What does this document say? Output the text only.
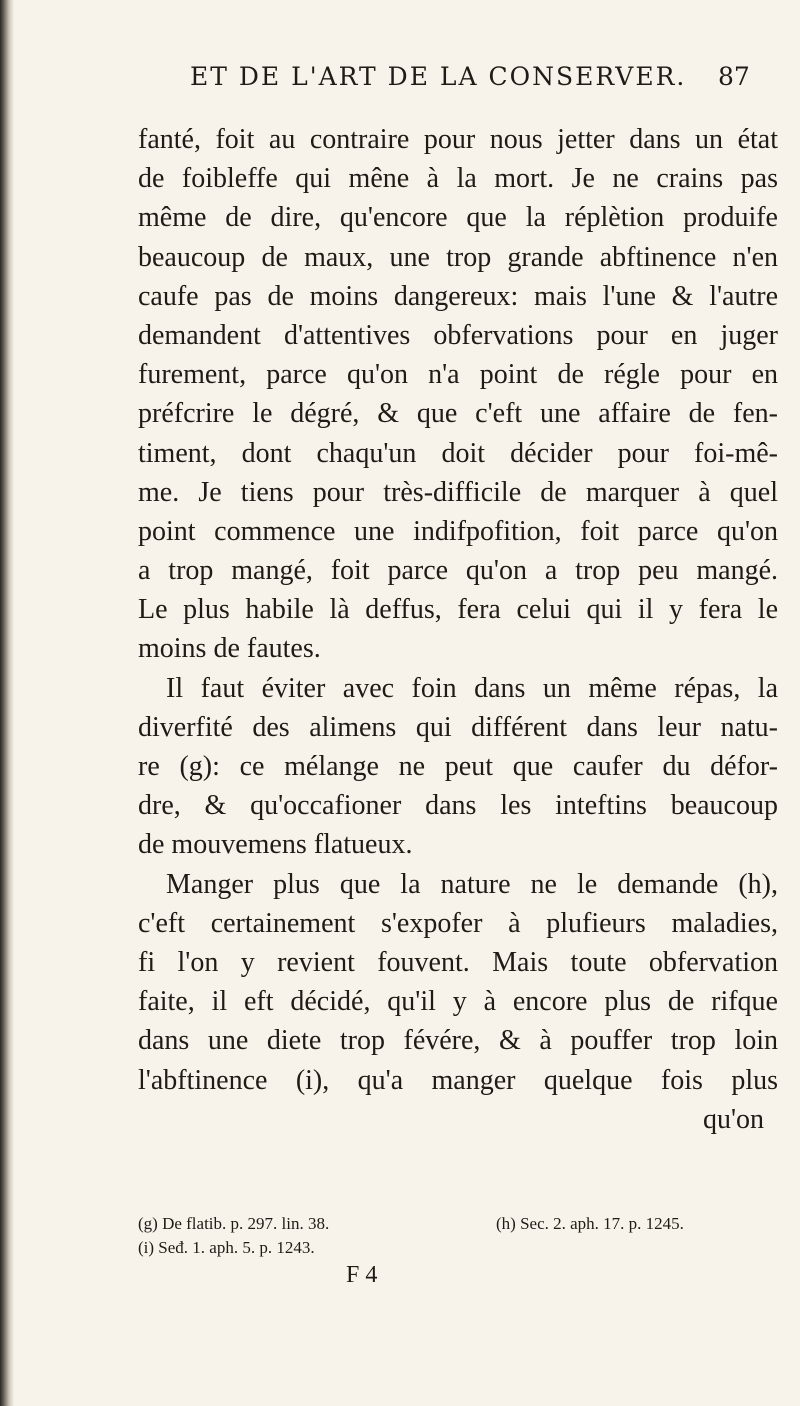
ET DE L'ART DE LA CONSERVER. 87
fanté, foit au contraire pour nous jetter dans un état
de foibleffe qui mêne à la mort. Je ne crains pas
même de dire, qu'encore que la réplètion produife
beaucoup de maux, une trop grande abftinence n'en
caufe pas de moins dangereux: mais l'une & l'autre
demandent d'attentives obfervations pour en juger
furement, parce qu'on n'a point de régle pour en
préfcrire le dégré, & que c'eft une affaire de fen-
timent, dont chaqu'un doit décider pour foi-mê-
me. Je tiens pour très-difficile de marquer à quel
point commence une indifpofition, foit parce qu'on
a trop mangé, foit parce qu'on a trop peu mangé.
Le plus habile là deffus, fera celui qui il y fera le
moins de fautes.
Il faut éviter avec foin dans un même répas, la
diverfité des alimens qui différent dans leur natu-
re (g): ce mélange ne peut que caufer du défor-
dre, & qu'occafioner dans les inteftins beaucoup
de mouvemens flatueux.
Manger plus que la nature ne le demande (h),
c'eft certainement s'expofer à plufieurs maladies,
fi l'on y revient fouvent. Mais toute obfervation
faite, il eft décidé, qu'il y à encore plus de rifque
dans une diete trop févére, & à pouffer trop loin
l'abftinence (i), qu'a manger quelque fois plus
qu'on
(g) De flatib. p. 297. lin. 38.	(h) Sec. 2. aph. 17. p. 1245.
(i) Seđ. 1. aph. 5. p. 1243.
F 4
